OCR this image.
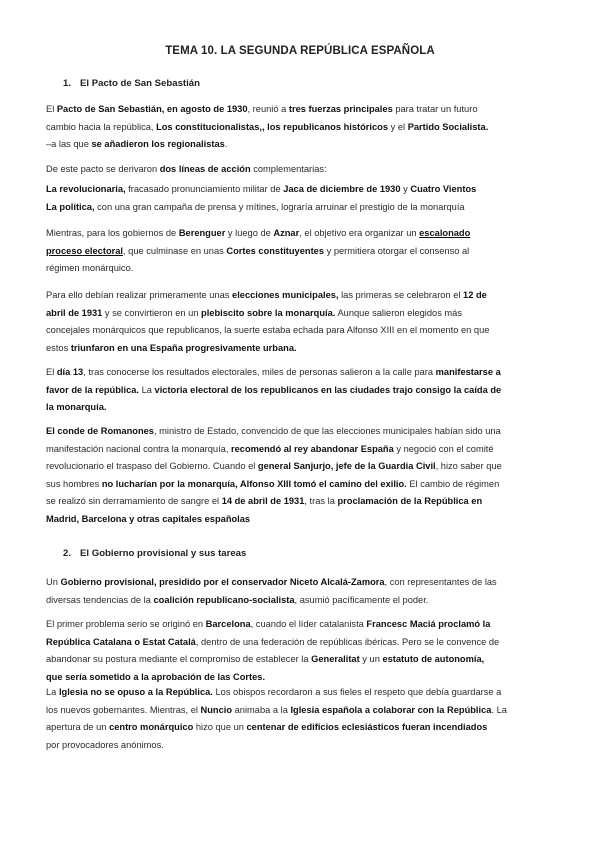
TEMA 10. LA SEGUNDA REPÚBLICA ESPAÑOLA
1. El Pacto de San Sebastián

El Pacto de San Sebastián, en agosto de 1930, reunió a tres fuerzas principales para tratar un futuro

cambio hacia la república, Los constitucionalistas,, los republicanos históricos y el Partido Socialista.

–a las que se añadieron los regionalistas.

De este pacto se derivaron dos líneas de acción complementarias:

La revolucionaria, fracasado pronunciamiento militar de Jaca de diciembre de 1930 y Cuatro Vientos

La política, con una gran campaña de prensa y mítines, lograría arruinar el prestigio de la monarquía

Mientras, para los gobiernos de Berenguer y luego de Aznar, el objetivo era organizar un escalonado

proceso electoral, que culminase en unas Cortes constituyentes y permitiera otorgar el consenso al

régimen monárquico.

Para ello debían realizar primeramente unas elecciones municipales, las primeras se celebraron el 12 de

abril de 1931 y se convirtieron en un plebiscito sobre la monarquía. Aunque salieron elegidos más

concejales monárquicos que republicanos, la suerte estaba echada para Alfonso XIII en el momento en que

estos triunfaron en una España progresivamente urbana.

El día 13, tras conocerse los resultados electorales, miles de personas salieron a la calle para manifestarse a

favor de la república. La victoria electoral de los republicanos en las ciudades trajo consigo la caída de

la monarquía.

El conde de Romanones, ministro de Estado, convencido de que las elecciones municipales habían sido una

manifestación nacional contra la monarquía, recomendó al rey abandonar España y negoció con el comité

revolucionario el traspaso del Gobierno. Cuando el general Sanjurjo, jefe de la Guardia Civil, hizo saber que

sus hombres no lucharían por la monarquía, Alfonso XIII tomó el camino del exilio. El cambio de régimen

se realizó sin derramamiento de sangre el 14 de abril de 1931, tras la proclamación de la República en

Madrid, Barcelona y otras capitales españolas

2. El Gobierno provisional y sus tareas

Un Gobierno provisional, presidido por el conservador Niceto Alcalá-Zamora, con representantes de las

diversas tendencias de la coalición republicano-socialista, asumió pacíficamente el poder.

El primer problema serio se originó en Barcelona, cuando el líder catalanista Francesc Maciá proclamó la

República Catalana o Estat Catalá, dentro de una federación de repúblicas ibéricas. Pero se le convence de

abandonar su postura mediante el compromiso de establecer la Generalitat y un estatuto de autonomía,

que sería sometido a la aprobación de las Cortes.

La Iglesia no se opuso a la República. Los obispos recordaron a sus fieles el respeto que debía guardarse a

los nuevos gobernantes. Mientras, el Nuncio animaba a la Iglesia española a colaborar con la República. La

apertura de un centro monárquico hizo que un centenar de edificios eclesiásticos fueran incendiados

por provocadores anónimos.
